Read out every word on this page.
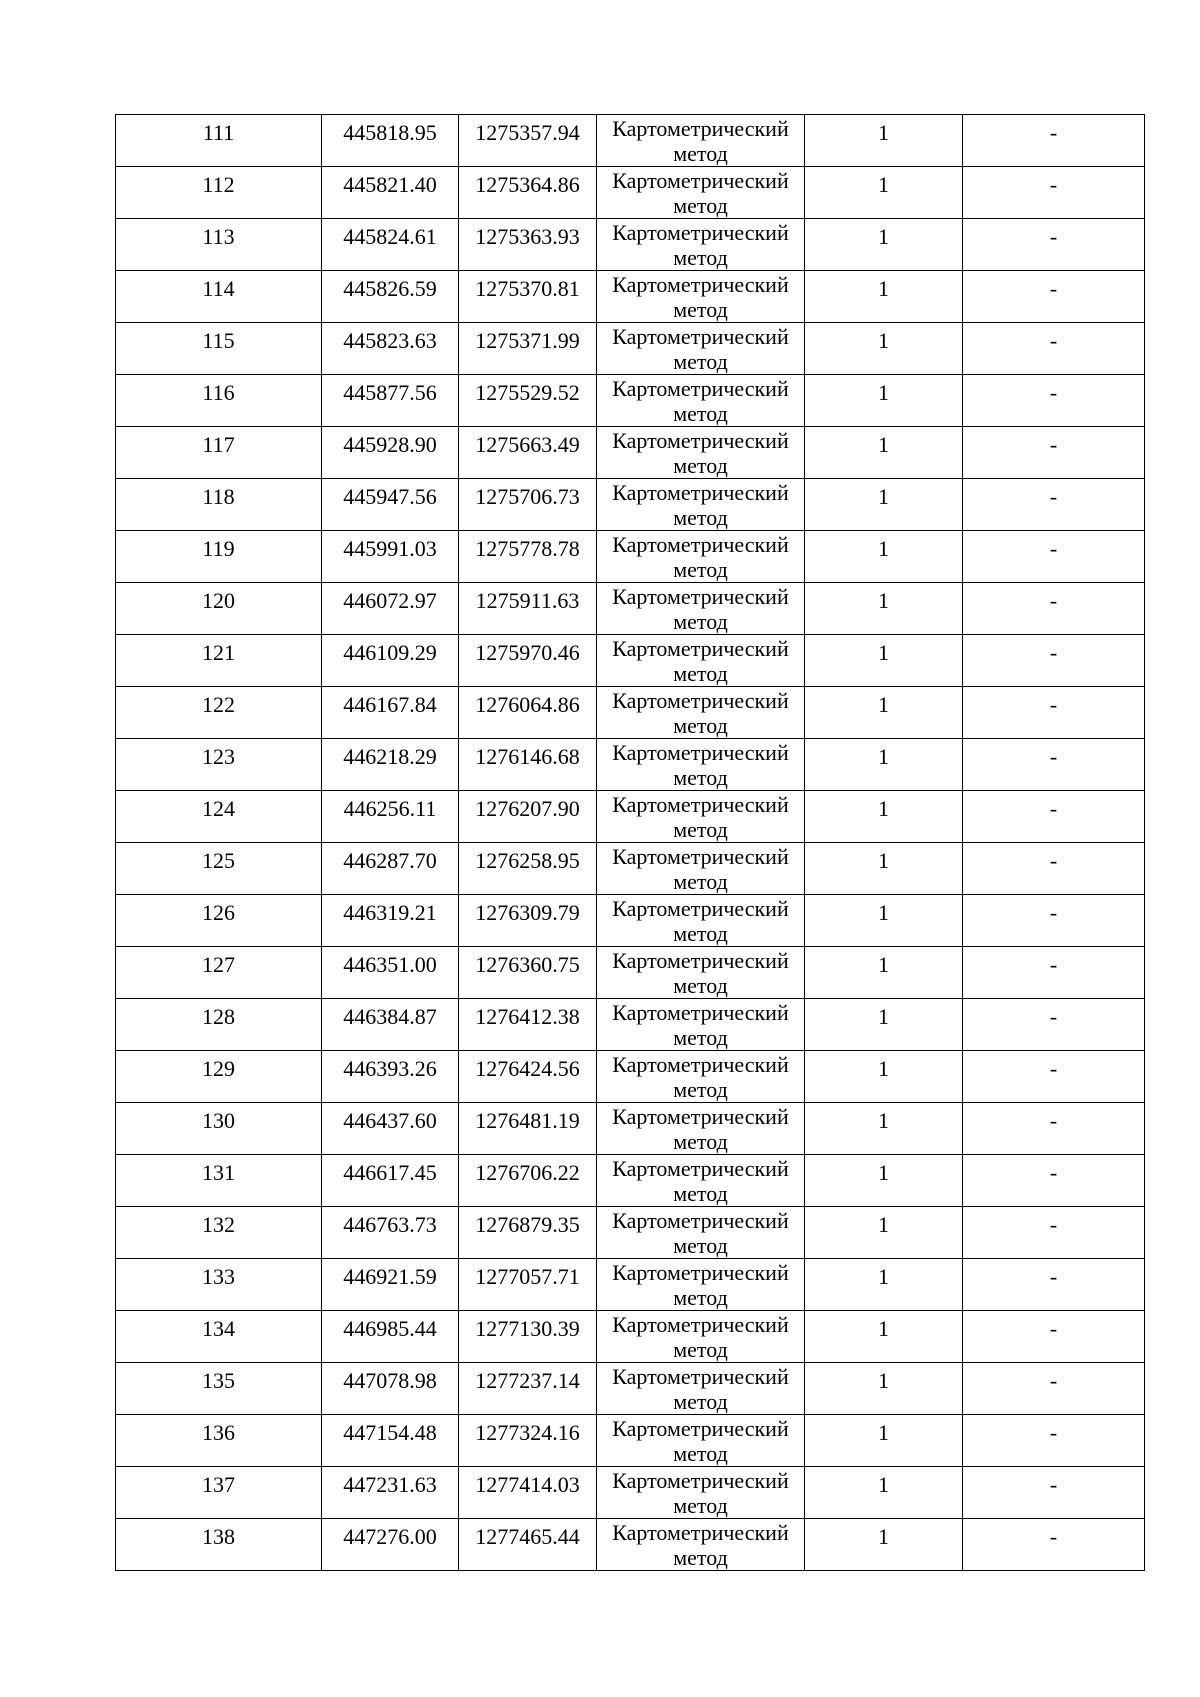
111	445818.95	1275357.94	Картометрический
метод	1	-
112	445821.40	1275364.86	Картометрический
метод	1	-
113	445824.61	1275363.93	Картометрический
метод	1	-
114	445826.59	1275370.81	Картометрический
метод	1	-
115	445823.63	1275371.99	Картометрический
метод	1	-
116	445877.56	1275529.52	Картометрический
метод	1	-
117	445928.90	1275663.49	Картометрический
метод	1	-
118	445947.56	1275706.73	Картометрический
метод	1	-
119	445991.03	1275778.78	Картометрический
метод	1	-
120	446072.97	1275911.63	Картометрический
метод	1	-
121	446109.29	1275970.46	Картометрический
метод	1	-
122	446167.84	1276064.86	Картометрический
метод	1	-
123	446218.29	1276146.68	Картометрический
метод	1	-
124	446256.11	1276207.90	Картометрический
метод	1	-
125	446287.70	1276258.95	Картометрический
метод	1	-
126	446319.21	1276309.79	Картометрический
метод	1	-
127	446351.00	1276360.75	Картометрический
метод	1	-
128	446384.87	1276412.38	Картометрический
метод	1	-
129	446393.26	1276424.56	Картометрический
метод	1	-
130	446437.60	1276481.19	Картометрический
метод	1	-
131	446617.45	1276706.22	Картометрический
метод	1	-
132	446763.73	1276879.35	Картометрический
метод	1	-
133	446921.59	1277057.71	Картометрический
метод	1	-
134	446985.44	1277130.39	Картометрический
метод	1	-
135	447078.98	1277237.14	Картометрический
метод	1	-
136	447154.48	1277324.16	Картометрический
метод	1	-
137	447231.63	1277414.03	Картометрический
метод	1	-
138	447276.00	1277465.44	Картометрический
метод	1	-
